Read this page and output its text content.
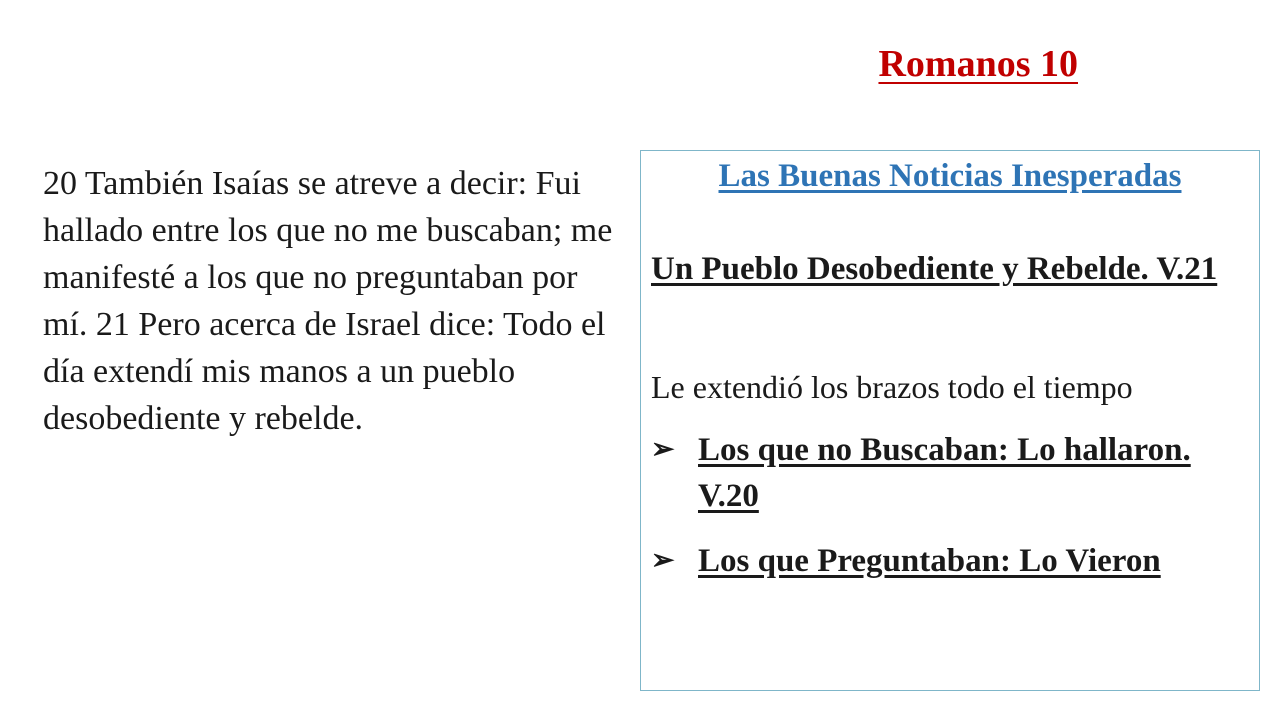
Romanos 10
20 También Isaías se atreve a decir: Fui hallado entre los que no me buscaban; me manifesté a los que no preguntaban por mí. 21 Pero acerca de Israel dice: Todo el día extendí mis manos a un pueblo desobediente y rebelde.
Las Buenas Noticias Inesperadas
Un Pueblo Desobediente y Rebelde. V.21
Le extendió los brazos todo el tiempo
➢ Los que no Buscaban: Lo hallaron. V.20
➢ Los que Preguntaban: Lo Vieron
